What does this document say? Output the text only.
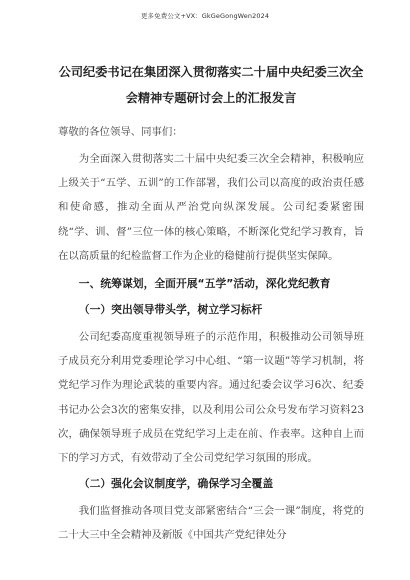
更多免费公文+VX：GkGeGongWen2024
公司纪委书记在集团深入贯彻落实二十届中央纪委三次全
会精神专题研讨会上的汇报发言

尊敬的各位领导、同事们：

为全面深入贯彻落实二十届中央纪委三次全会精神，积极响应上级关于“五学、五训”的工作部署，我们公司以高度的政治责任感和使命感，推动全面从严治党向纵深发展。公司纪委紧密围绕“学、训、督”三位一体的核心策略，不断深化党纪学习教育，旨在以高质量的纪检监督工作为企业的稳健前行提供坚实保障。

一、统筹谋划，全面开展“五学”活动，深化党纪教育
（一）突出领导带头学，树立学习标杆

公司纪委高度重视领导班子的示范作用，积极推动公司领导班子成员充分利用党委理论学习中心组、“第一议题”等学习机制，将党纪学习作为理论武装的重要内容。通过纪委会议学习6次、纪委书记办公会3次的密集安排，以及利用公司公众号发布学习资料23次，确保领导班子成员在党纪学习上走在前、作表率。这种自上而下的学习方式，有效带动了全公司党纪学习氛围的形成。

（二）强化会议制度学，确保学习全覆盖

我们监督推动各项目党支部紧密结合“三会一课”制度，将党的二十大三中全会精神及新版《中国共产党纪律处分
